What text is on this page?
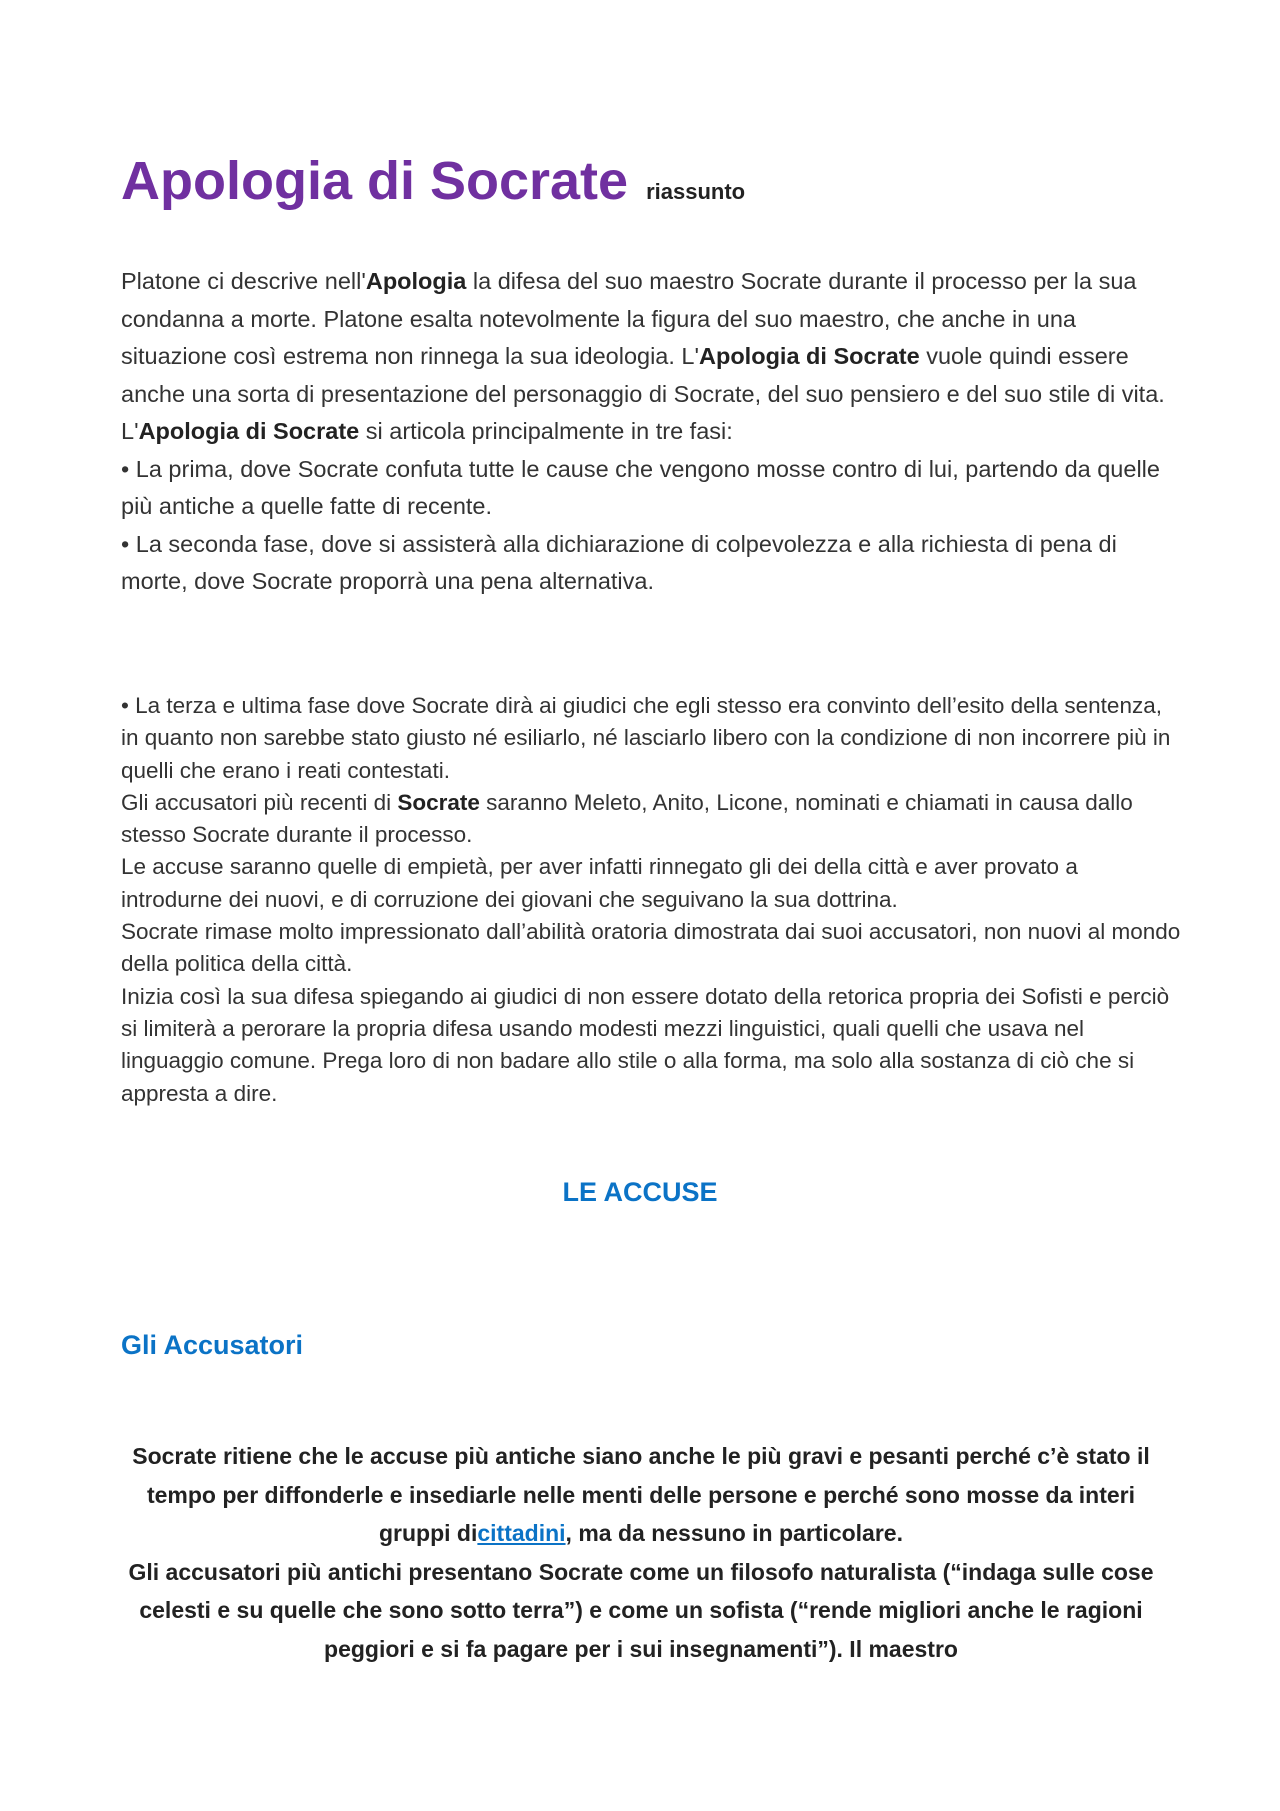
Apologia di Socrate riassunto

Platone ci descrive nell'Apologia la difesa del suo maestro Socrate durante il processo per la sua condanna a morte. Platone esalta notevolmente la figura del suo maestro, che anche in una situazione così estrema non rinnega la sua ideologia. L'Apologia di Socrate vuole quindi essere anche una sorta di presentazione del personaggio di Socrate, del suo pensiero e del suo stile di vita.

L'Apologia di Socrate si articola principalmente in tre fasi:

• La prima, dove Socrate confuta tutte le cause che vengono mosse contro di lui, partendo da quelle più antiche a quelle fatte di recente.

• La seconda fase, dove si assisterà alla dichiarazione di colpevolezza e alla richiesta di pena di morte, dove Socrate proporrà una pena alternativa.

• La terza e ultima fase dove Socrate dirà ai giudici che egli stesso era convinto dell’esito della sentenza, in quanto non sarebbe stato giusto né esiliarlo, né lasciarlo libero con la condizione di non incorrere più in quelli che erano i reati contestati.

Gli accusatori più recenti di Socrate saranno Meleto, Anito, Licone, nominati e chiamati in causa dallo stesso Socrate durante il processo.

Le accuse saranno quelle di empietà, per aver infatti rinnegato gli dei della città e aver provato a introdurne dei nuovi, e di corruzione dei giovani che seguivano la sua dottrina.

Socrate rimase molto impressionato dall’abilità oratoria dimostrata dai suoi accusatori, non nuovi al mondo della politica della città.

Inizia così la sua difesa spiegando ai giudici di non essere dotato della retorica propria dei Sofisti e perciò si limiterà a perorare la propria difesa usando modesti mezzi linguistici, quali quelli che usava nel linguaggio comune. Prega loro di non badare allo stile o alla forma, ma solo alla sostanza di ciò che si appresta a dire.

LE ACCUSE
Gli Accusatori

Socrate ritiene che le accuse più antiche siano anche le più gravi e pesanti perché c’è stato il tempo per diffonderle e insediarle nelle menti delle persone e perché sono mosse da interi gruppi dicittadini, ma da nessuno in particolare.

Gli accusatori più antichi presentano Socrate come un filosofo naturalista (“indaga sulle cose celesti e su quelle che sono sotto terra”) e come un sofista (“rende migliori anche le ragioni peggiori e si fa pagare per i sui insegnamenti”). Il maestro
